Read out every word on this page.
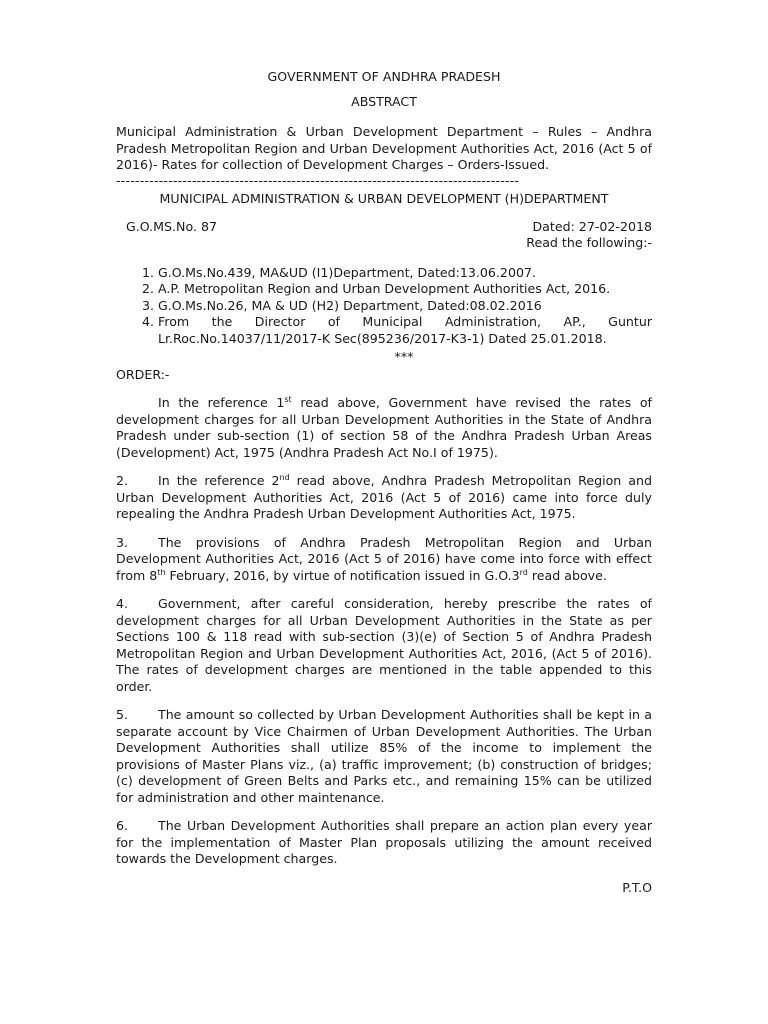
GOVERNMENT OF ANDHRA PRADESH
ABSTRACT
Municipal Administration & Urban Development Department – Rules – Andhra Pradesh Metropolitan Region and Urban Development Authorities Act, 2016 (Act 5 of 2016)- Rates for collection of Development Charges – Orders-Issued.
-------------------------------------------------------------------------------------
MUNICIPAL ADMINISTRATION & URBAN DEVELOPMENT (H)DEPARTMENT
G.O.MS.No. 87	Dated: 27-02-2018
Read the following:-
1. G.O.Ms.No.439, MA&UD (I1)Department, Dated:13.06.2007.
2. A.P. Metropolitan Region and Urban Development Authorities Act, 2016.
3. G.O.Ms.No.26, MA & UD (H2) Department, Dated:08.02.2016
4. From the Director of Municipal Administration, AP., Guntur Lr.Roc.No.14037/11/2017-K Sec(895236/2017-K3-1) Dated 25.01.2018.
***
ORDER:-
In the reference 1st read above, Government have revised the rates of development charges for all Urban Development Authorities in the State of Andhra Pradesh under sub-section (1) of section 58 of the Andhra Pradesh Urban Areas (Development) Act, 1975 (Andhra Pradesh Act No.I of 1975).
2. In the reference 2nd read above, Andhra Pradesh Metropolitan Region and Urban Development Authorities Act, 2016 (Act 5 of 2016) came into force duly repealing the Andhra Pradesh Urban Development Authorities Act, 1975.
3. The provisions of Andhra Pradesh Metropolitan Region and Urban Development Authorities Act, 2016 (Act 5 of 2016) have come into force with effect from 8th February, 2016, by virtue of notification issued in G.O.3rd read above.
4. Government, after careful consideration, hereby prescribe the rates of development charges for all Urban Development Authorities in the State as per Sections 100 & 118 read with sub-section (3)(e) of Section 5 of Andhra Pradesh Metropolitan Region and Urban Development Authorities Act, 2016, (Act 5 of 2016). The rates of development charges are mentioned in the table appended to this order.
5. The amount so collected by Urban Development Authorities shall be kept in a separate account by Vice Chairmen of Urban Development Authorities. The Urban Development Authorities shall utilize 85% of the income to implement the provisions of Master Plans viz., (a) traffic improvement; (b) construction of bridges; (c) development of Green Belts and Parks etc., and remaining 15% can be utilized for administration and other maintenance.
6. The Urban Development Authorities shall prepare an action plan every year for the implementation of Master Plan proposals utilizing the amount received towards the Development charges.
P.T.O
